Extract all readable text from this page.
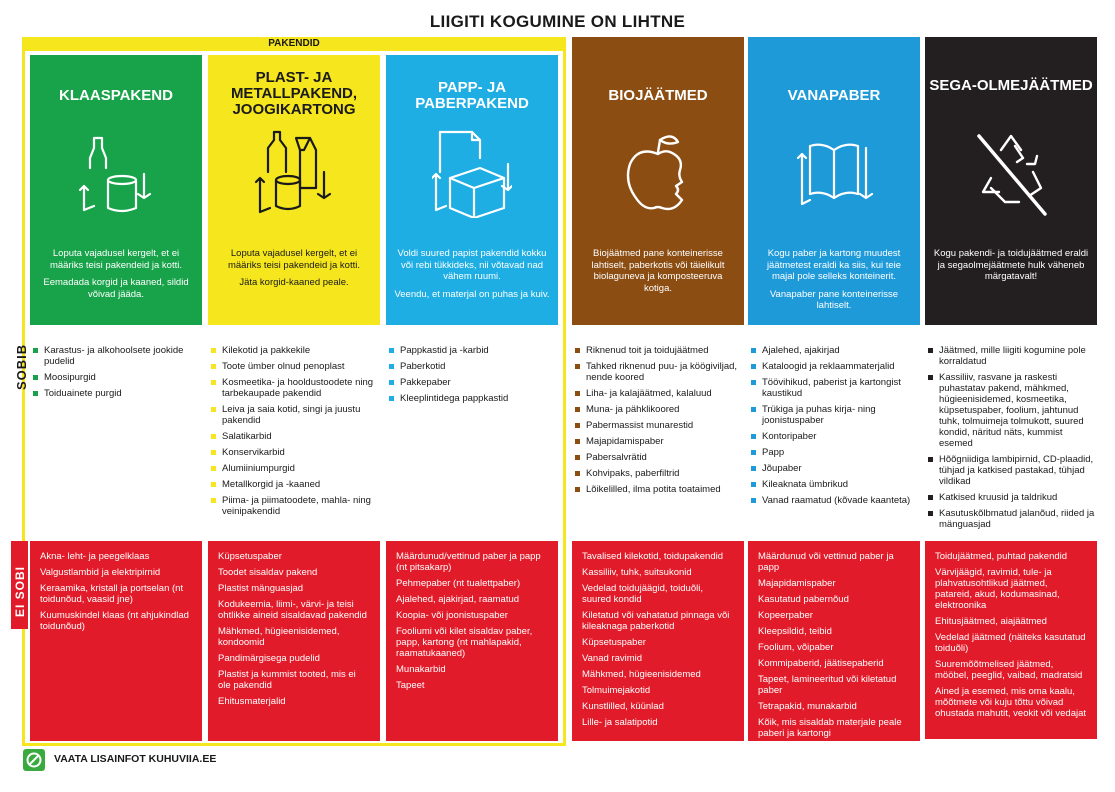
LIIGITI KOGUMINE ON LIHTNE
PAKENDID
SOBIB
EI SOBI
KLAASPAKEND

Loputa vajadusel kergelt, et ei määriks teisi pakendeid ja kotti.

Eemadada korgid ja kaaned, sildid võivad jääda.

Karastus- ja alkohoolsete jookide pudelid
Moosipurgid
Toiduainete purgid
Akna- leht- ja peegelklaas
Valgustlambid ja elektripirnid
Keraamika, kristall ja portselan (nt toidunõud, vaasid jne)
Kuumuskindel klaas (nt ahjukindlad toidunõud)
PLAST- JA METALLPAKEND, JOOGIKARTONG

Loputa vajadusel kergelt, et ei määriks teisi pakendeid ja kotti.

Jäta korgid-kaaned peale.

Kilekotid ja pakkekile
Toote ümber olnud penoplast
Kosmeetika- ja hooldustoodete ning tarbekaupade pakendid
Leiva ja saia kotid, singi ja juustu pakendid
Salatikarbid
Konservikarbid
Alumiiniumpurgid
Metallkorgid ja -kaaned
Piima- ja piimatoodete, mahla- ning veinipakendid
Küpsetuspaber
Toodet sisaldav pakend
Plastist mänguasjad
Kodukeemia, liimi-, värvi- ja teisi ohtlikke aineid sisaldavad pakendid
Mähkmed, hügieenisidemed, kondoomid
Pandimärgisega pudelid
Plastist ja kummist tooted, mis ei ole pakendid
Ehitusmaterjalid
PAPP- JA PABERPAKEND

Voldi suured papist pakendid kokku või rebi tükkideks, nii võtavad nad vähem ruumi.

Veendu, et materjal on puhas ja kuiv.

Pappkastid ja -karbid
Paberkotid
Pakkepaber
Kleeplintidega pappkastid
Määrdunud/vettinud paber ja papp (nt pitsakarp)
Pehmepaber (nt tualettpaber)
Ajalehed, ajakirjad, raamatud
Koopia- või joonistuspaber
Fooliumi või kilet sisaldav paber, papp, kartong (nt mahlapakid, raamatukaaned)
Munakarbid
Tapeet
BIOJÄÄTMED

Biojäätmed pane konteinerisse lahtiselt, paberkotis või täielikult biolaguneva ja komposteeruva kotiga.

Riknenud toit ja toidujäätmed
Tahked riknenud puu- ja köögiviljad, nende koored
Liha- ja kalajäätmed, kalaluud
Muna- ja pähklikoored
Pabermassist munarestid
Majapidamispaber
Pabersalvrätid
Kohvipaks, paberfiltrid
Lõikelilled, ilma potita toataimed
Tavalised kilekotid, toidupakendid
Kassiliiv, tuhk, suitsukonid
Vedelad toidujäägid, toiduõli, suured kondid
Kiletatud või vahatatud pinnaga või kileaknaga paberkotid
Küpsetuspaber
Vanad ravimid
Mähkmed, hügieenisidemed
Tolmuimejakotid
Kunstlilled, küünlad
Lille- ja salatipotid
VANAPABER

Kogu paber ja kartong muudest jäätmetest eraldi ka siis, kui teie majal pole selleks konteinerit.

Vanapaber pane konteinerisse lahtiselt.

Ajalehed, ajakirjad
Kataloogid ja reklaammaterjalid
Töövihikud, paberist ja kartongist kaustikud
Trükiga ja puhas kirja- ning joonistuspaber
Kontoripaber
Papp
Jõupaber
Kileaknata ümbrikud
Vanad raamatud (kõvade kaanteta)
Määrdunud või vettinud paber ja papp
Majapidamispaber
Kasutatud pabernõud
Kopeerpaber
Kleepsildid, teibid
Foolium, võipaber
Kommipaberid, jäätisepaberid
Tapeet, lamineeritud või kiletatud paber
Tetrapakid, munakarbid
Kõik, mis sisaldab materjale peale paberi ja kartongi
SEGA-OLMEJÄÄTMED

Kogu pakendi- ja toidujäätmed eraldi ja segaolmejäätmete hulk väheneb märgatavalt!

Jäätmed, mille liigiti kogumine pole korraldatud
Kassiliiv, rasvane ja raskesti puhastatav pakend, mähkmed, hügieenisidemed, kosmeetika, küpsetuspaber, foolium, jahtunud tuhk, tolmuimeja tolmukott, suured kondid, näritud näts, kummist esemed
Hõõgniidiga lambipirnid, CD-plaadid, tühjad ja katkised pastakad, tühjad vildikad
Katkised kruusid ja taldrikud
Kasutuskõlbmatud jalanõud, riided ja mänguasjad
Toidujäätmed, puhtad pakendid
Värvijäägid, ravimid, tule- ja plahvatusohtlikud jäätmed, patareid, akud, kodumasinad, elektroonika
Ehitusjäätmed, aiajäätmed
Vedelad jäätmed (näiteks kasutatud toiduõli)
Suuremõõtmelised jäätmed, mööbel, peeglid, vaibad, madratsid
Ained ja esemed, mis oma kaalu, mõõtmete või kuju tõttu võivad ohustada mahutit, veokit või vedajat
VAATA LISAINFOT KUHUVIIA.EE
